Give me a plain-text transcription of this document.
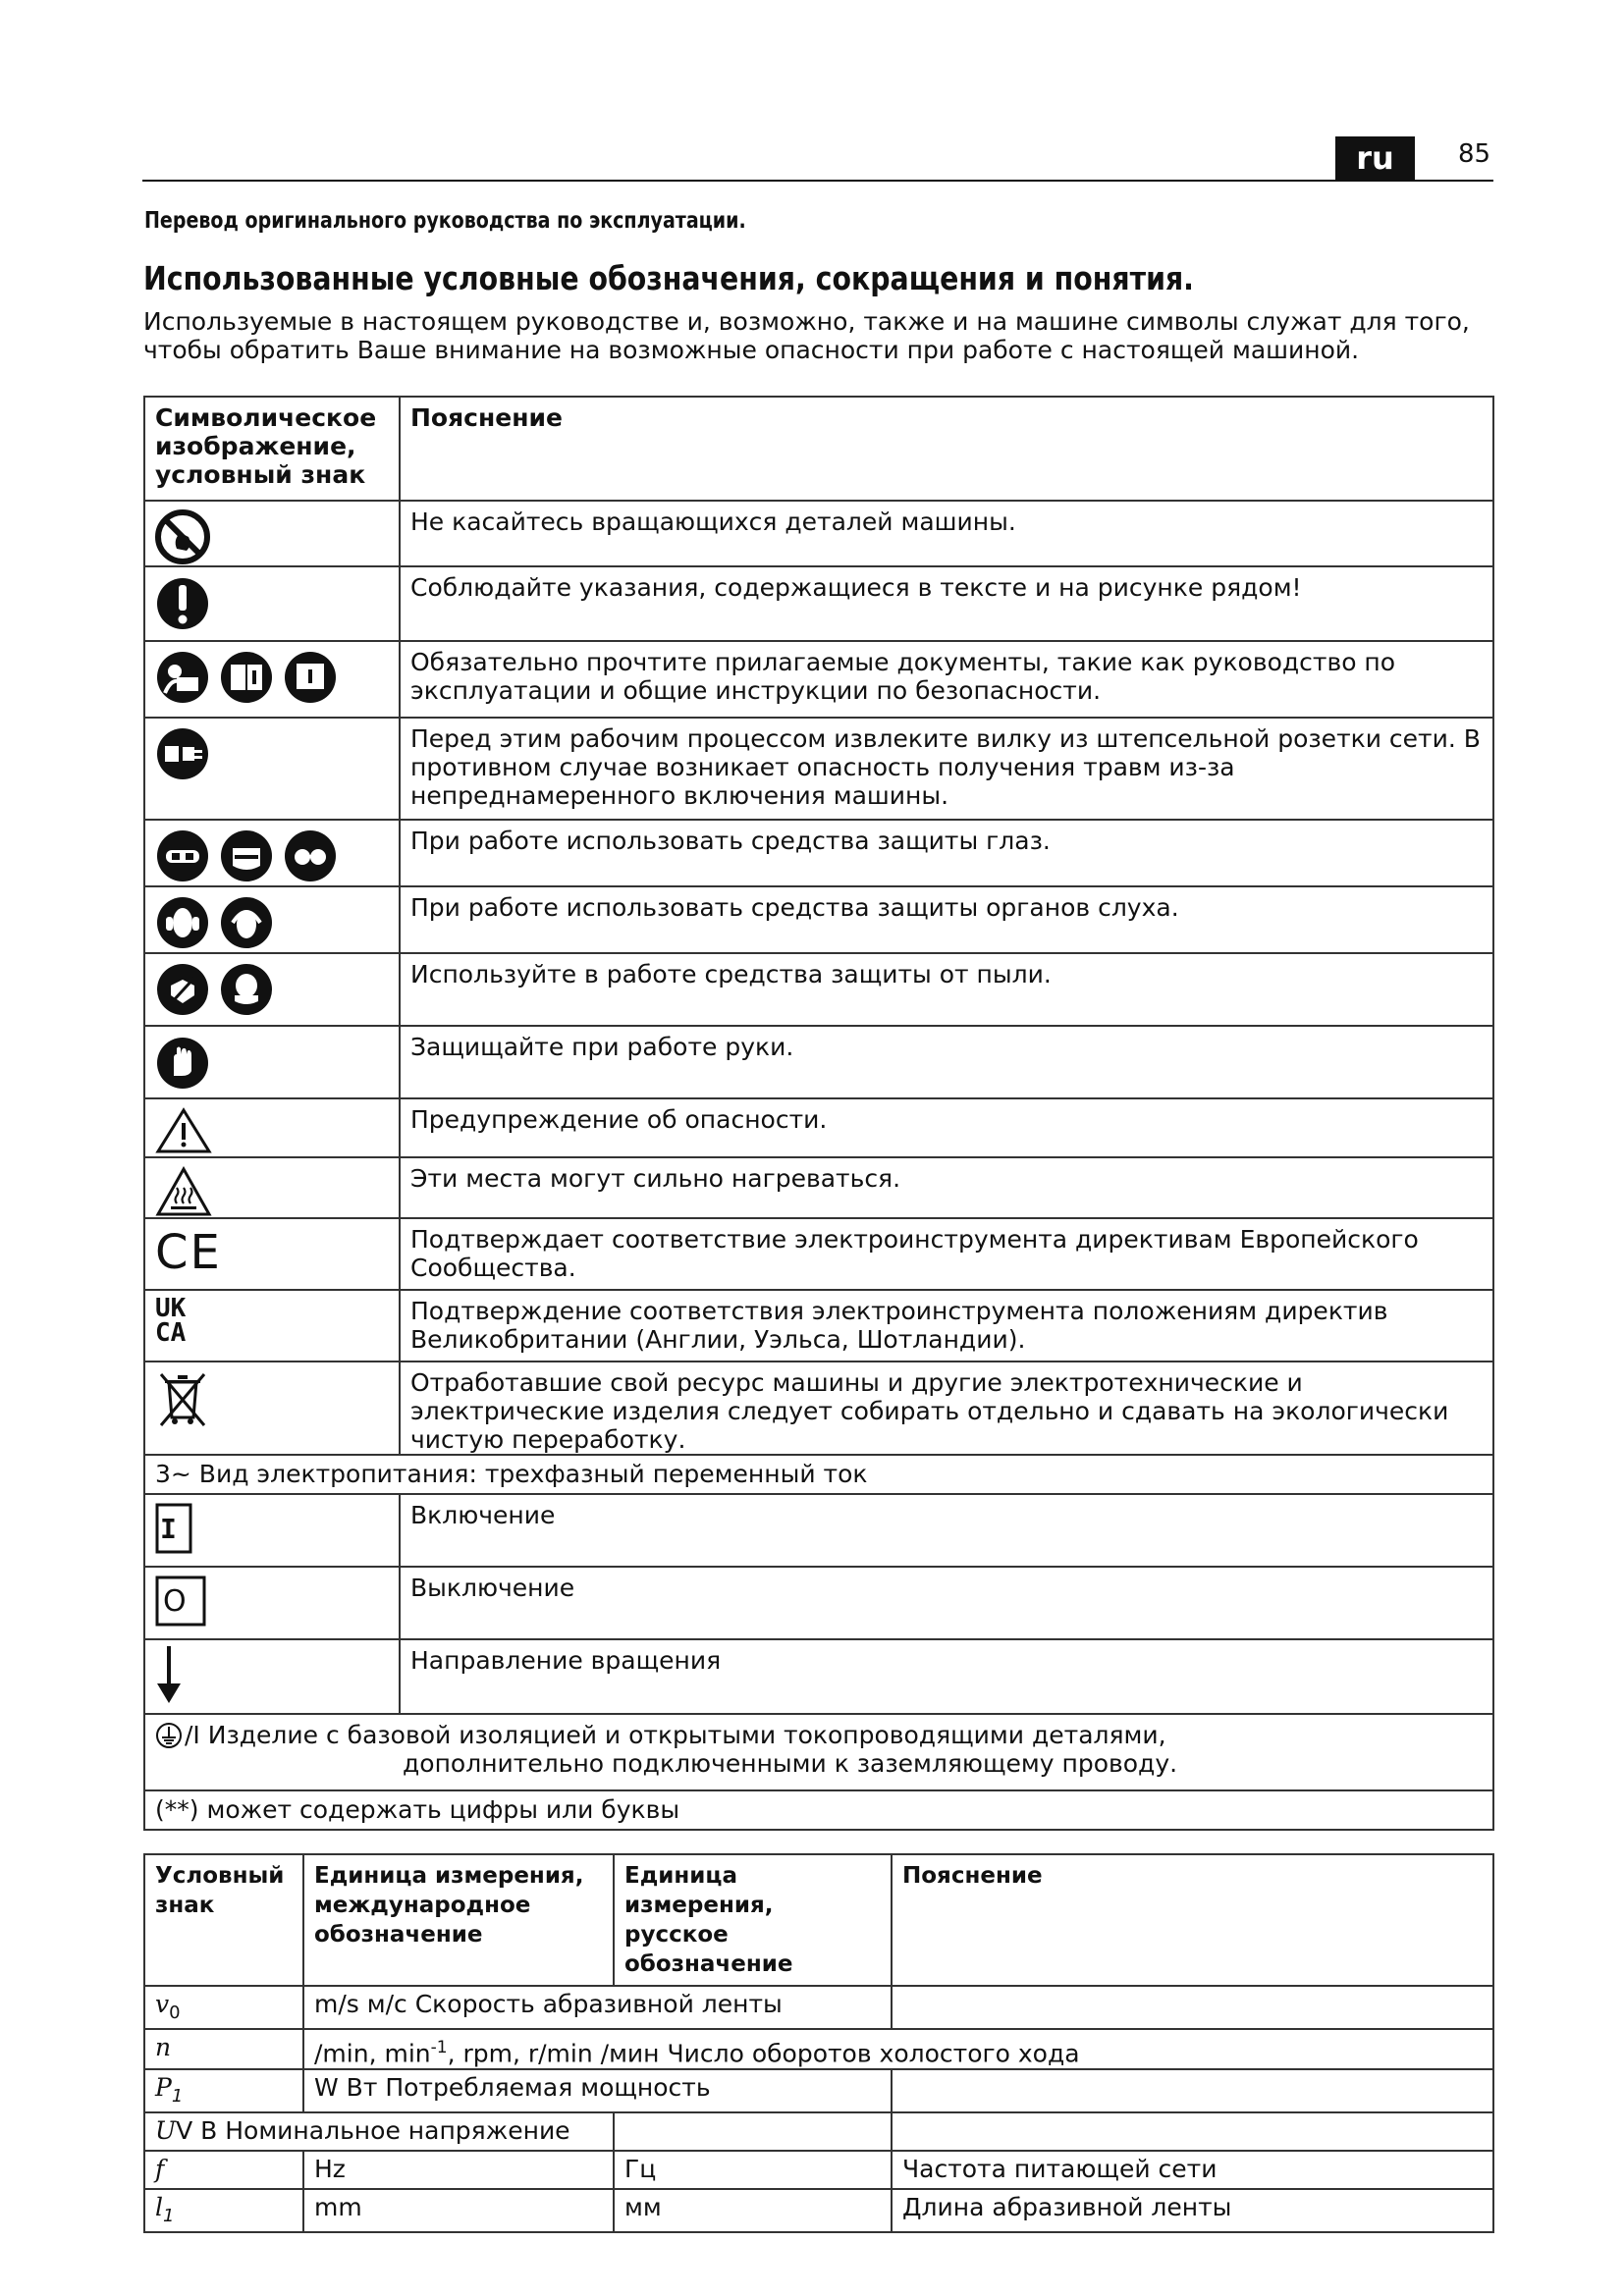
ru	85
Перевод оригинального руководства по эксплуатации.
Использованные условные обозначения, сокращения и понятия.
Используемые в настоящем руководстве и, возможно, также и на машине символы служат для того, чтобы обратить Ваше внимание на возможные опасности при работе с настоящей машиной.
Символическое изображение, условный знак	Пояснение

	Не касайтесь вращающихся деталей машины.

	Соблюдайте указания, содержащиеся в тексте и на рисунке рядом!

	Обязательно прочтите прилагаемые документы, такие как руководство по эксплуатации и общие инструкции по безопасности.

	Перед этим рабочим процессом извлеките вилку из штепсельной розетки сети. В противном случае возникает опасность получения травм из-за непреднамеренного включения машины.

	При работе использовать средства защиты глаз.

	При работе использовать средства защиты органов слуха.

	Используйте в работе средства защиты от пыли.

	Защищайте при работе руки.

	Предупреждение об опасности.

	Эти места могут сильно нагреваться.

CE	Подтверждает соответствие электроинструмента директивам Европейского Сообщества.

UK
CA	Подтверждение соответствия электроинструмента положениям директив Великобритании (Англии, Уэльса, Шотландии).

	Отработавшие свой ресурс машины и другие электротехнические и электрические изделия следует собирать отдельно и сдавать на экологически чистую переработку.
3~ Вид электропитания: трехфазный переменный ток	

I	Включение

O	Выключение

	Направление вращения

/I Изделие с базовой изоляцией и открытыми токопроводящими деталями,
дополнительно подключенными к заземляющему проводу.	

(**) может содержать цифры или буквы	
Условный знак	Единица измерения, международное обозначение	Единица измерения, русское обозначение	Пояснение
$v_0$	m/s м/с Скорость абразивной ленты		
n	/min, $\min^{-1}$, rpm, r/min /мин Число оборотов холостого хода		
$P_1$	W Вт Потребляемая мощность		
UV В Номинальное напряжение			
f	Hz	Гц	Частота питающей сети
$l_1$	mm	мм	Длина абразивной ленты
